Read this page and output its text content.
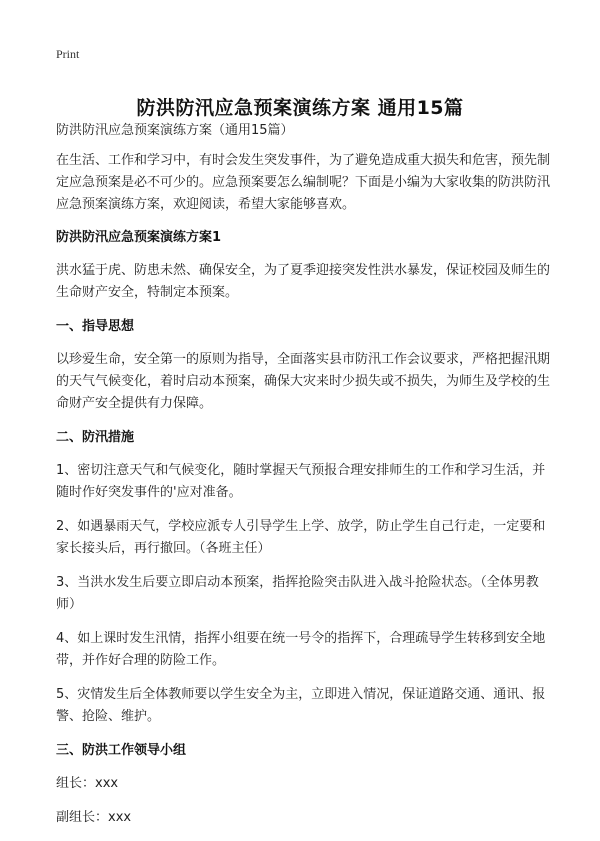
Print
防洪防汛应急预案演练方案 通用15篇

防洪防汛应急预案演练方案（通用15篇）

在生活、工作和学习中，有时会发生突发事件，为了避免造成重大损失和危害，预先制定应急预案是必不可少的。应急预案要怎么编制呢？下面是小编为大家收集的防洪防汛应急预案演练方案，欢迎阅读，希望大家能够喜欢。

防洪防汛应急预案演练方案1

洪水猛于虎、防患未然、确保安全，为了夏季迎接突发性洪水暴发，保证校园及师生的生命财产安全，特制定本预案。

一、指导思想

以珍爱生命，安全第一的原则为指导，全面落实县市防汛工作会议要求，严格把握汛期的天气气候变化，着时启动本预案，确保大灾来时少损失或不损失，为师生及学校的生命财产安全提供有力保障。

二、防汛措施

1、密切注意天气和气候变化，随时掌握天气预报合理安排师生的工作和学习生活，并随时作好突发事件的'应对准备。

2、如遇暴雨天气，学校应派专人引导学生上学、放学，防止学生自己行走，一定要和家长接头后，再行撤回。（各班主任）

3、当洪水发生后要立即启动本预案，指挥抢险突击队进入战斗抢险状态。（全体男教师）

4、如上课时发生汛情，指挥小组要在统一号令的指挥下，合理疏导学生转移到安全地带，并作好合理的防险工作。

5、灾情发生后全体教师要以学生安全为主，立即进入情况，保证道路交通、通讯、报警、抢险、维护。

三、防洪工作领导小组

组长：xxx

副组长：xxx
